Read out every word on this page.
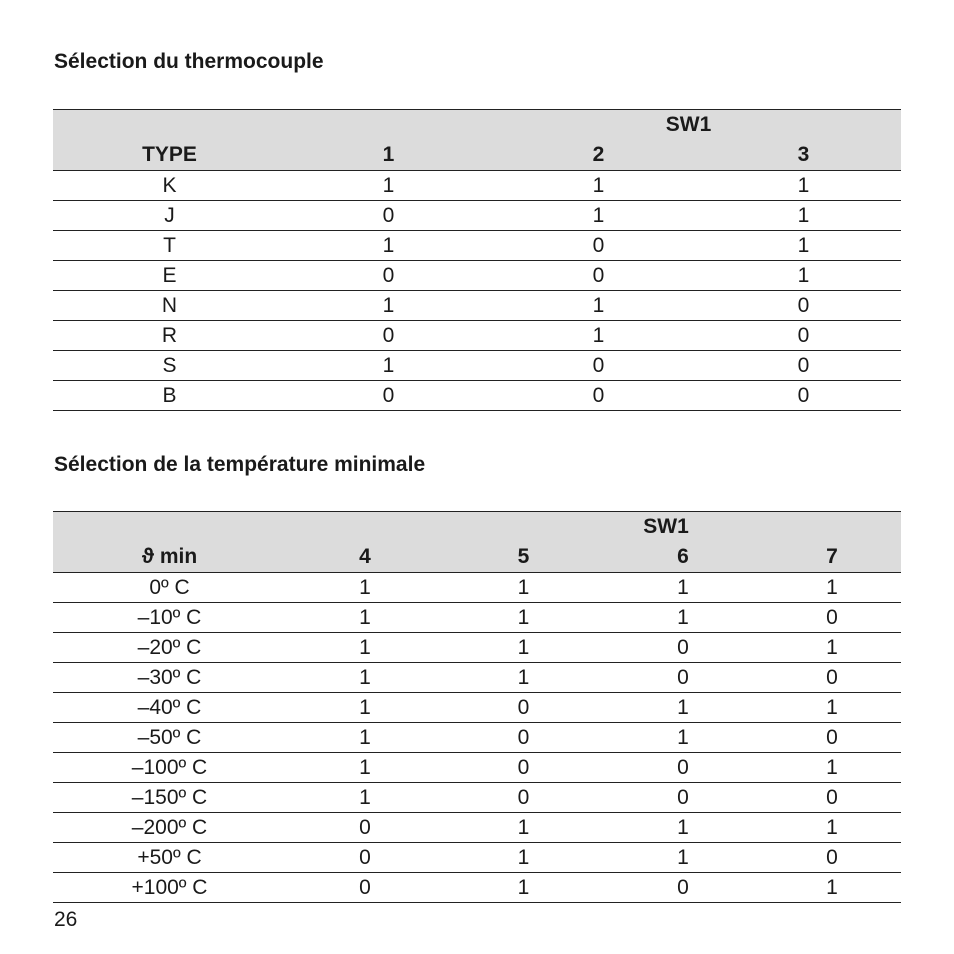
Sélection du thermocouple
	SW1		
TYPE	1	2	3
K	1	1	1
J	0	1	1
T	1	0	1
E	0	0	1
N	1	1	0
R	0	1	0
S	1	0	0
B	0	0	0
Sélection de la température minimale
	SW1			
ϑ min	4	5	6	7
0º C	1	1	1	1
–10º C	1	1	1	0
–20º C	1	1	0	1
–30º C	1	1	0	0
–40º C	1	0	1	1
–50º C	1	0	1	0
–100º C	1	0	0	1
–150º C	1	0	0	0
–200º C	0	1	1	1
+50º C	0	1	1	0
+100º C	0	1	0	1
26
